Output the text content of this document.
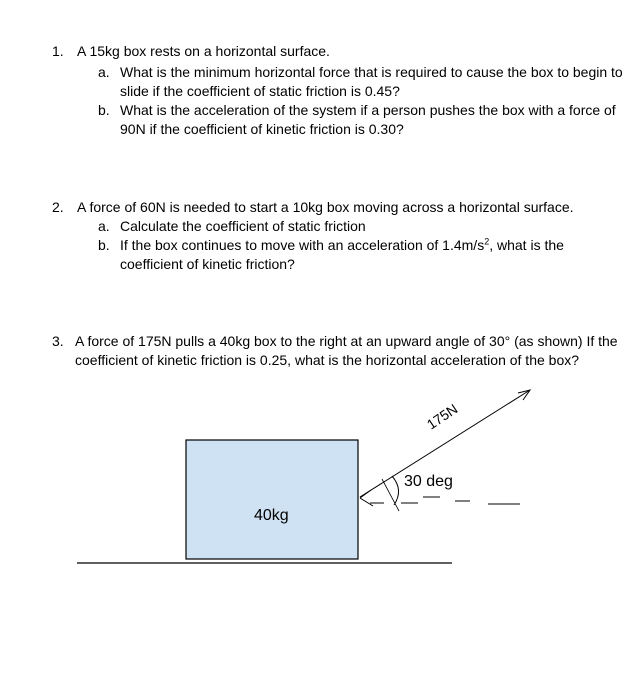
1. A 15kg box rests on a horizontal surface.
a. What is the minimum horizontal force that is required to cause the box to begin to
slide if the coefficient of static friction is 0.45?
b. What is the acceleration of the system if a person pushes the box with a force of
90N if the coefficient of kinetic friction is 0.30?
2. A force of 60N is needed to start a 10kg box moving across a horizontal surface.
a. Calculate the coefficient of static friction
b. If the box continues to move with an acceleration of $1.4m/s^2$, what is the
coefficient of kinetic friction?
3. A force of 175N pulls a 40kg box to the right at an upward angle of 30° (as shown) If the
coefficient of kinetic friction is 0.25, what is the horizontal acceleration of the box?
40kg
175N
30 deg
